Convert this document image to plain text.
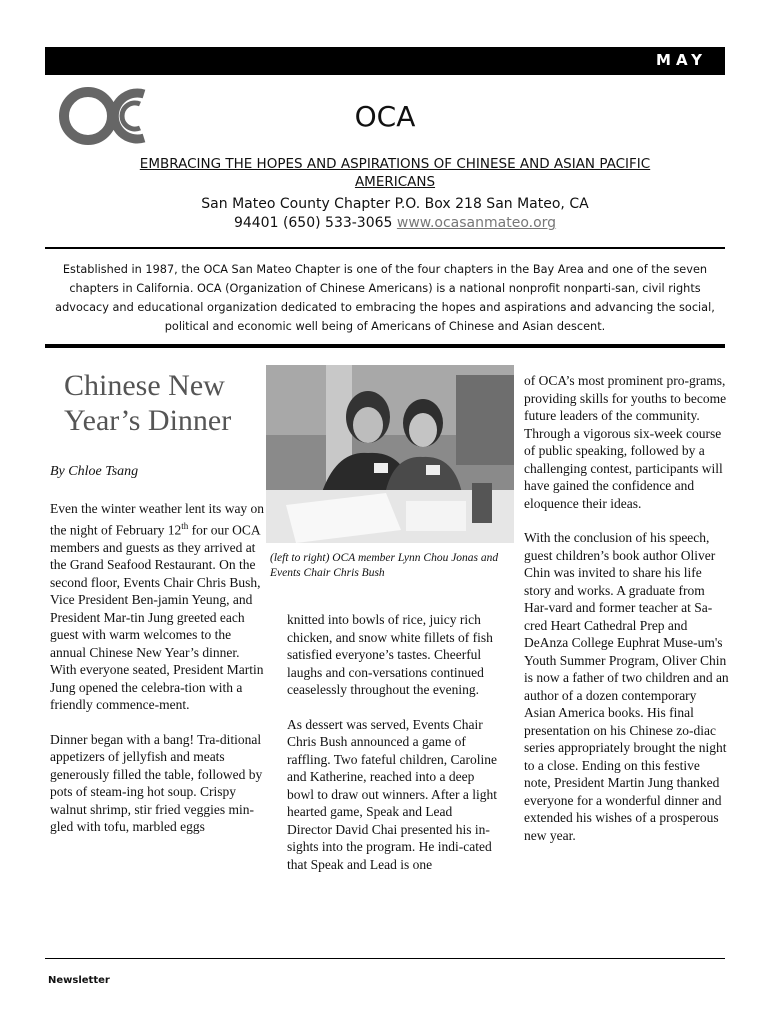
MAY
OCA
EMBRACING THE HOPES AND ASPIRATIONS OF CHINESE AND ASIAN PACIFIC AMERICANS
San Mateo County Chapter P.O. Box 218 San Mateo, CA
94401 (650) 533-3065 www.ocasanmateo.org
Established in 1987, the OCA San Mateo Chapter is one of the four chapters in the Bay Area and one of the seven chapters in California. OCA (Organization of Chinese Americans) is a national nonprofit nonparti-san, civil rights advocacy and educational organization dedicated to embracing the hopes and aspirations and advancing the social, political and economic well being of Americans of Chinese and Asian descent.
Chinese New Year’s Dinner
By Chloe Tsang

Even the winter weather lent its way on the night of February 12th for our OCA members and guests as they arrived at the Grand Seafood Restaurant. On the second floor, Events Chair Chris Bush, Vice President Ben-jamin Yeung, and President Mar-tin Jung greeted each guest with warm welcomes to the annual Chinese New Year’s dinner. With everyone seated, President Martin Jung opened the celebra-tion with a friendly commence-ment.

Dinner began with a bang! Tra-ditional appetizers of jellyfish and meats generously filled the table, followed by pots of steam-ing hot soup. Crispy walnut shrimp, stir fried veggies min-gled with tofu, marbled eggs

(left to right) OCA member Lynn Chou Jonas and Events Chair Chris Bush

knitted into bowls of rice, juicy rich chicken, and snow white fillets of fish satisfied everyone’s tastes. Cheerful laughs and con-versations continued ceaselessly throughout the evening.

As dessert was served, Events Chair Chris Bush announced a game of raffling. Two fateful children, Caroline and Katherine, reached into a deep bowl to draw out winners. After a light hearted game, Speak and Lead Director David Chai presented his in-sights into the program. He indi-cated that Speak and Lead is one

of OCA’s most prominent pro-grams, providing skills for youths to become future leaders of the community. Through a vigorous six-week course of public speaking, followed by a challenging contest, participants will have gained the confidence and eloquence their ideas.

With the conclusion of his speech, guest children’s book author Oliver Chin was invited to share his life story and works. A graduate from Har-vard and former teacher at Sa-cred Heart Cathedral Prep and DeAnza College Euphrat Muse-um's Youth Summer Program, Oliver Chin is now a father of two children and an author of a dozen contemporary Asian America books. His final presentation on his Chinese zo-diac series appropriately brought the night to a close. Ending on this festive note, President Martin Jung thanked everyone for a wonderful dinner and extended his wishes of a prosperous new year.

Newsletter
